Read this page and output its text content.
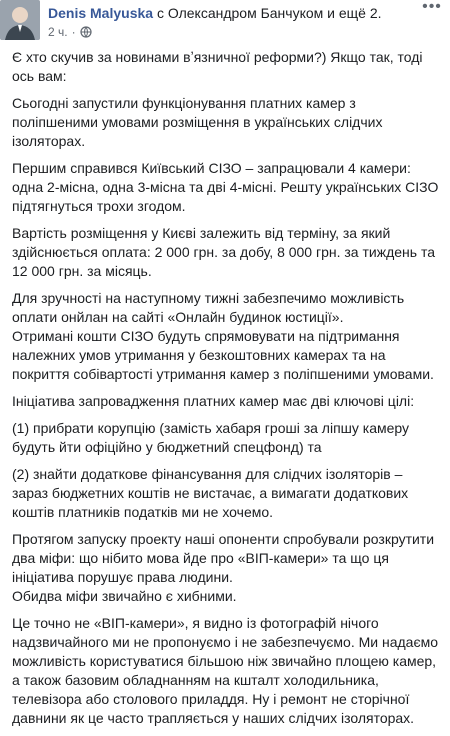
Denis Malyuska с Олександром Банчуком и ещё 2.
2 ч. ·
•••

Є хто скучив за новинами вʼязничної реформи?) Якщо так, тоді ось вам:

Сьогодні запустили функціонування платних камер з поліпшеними умовами розміщення в українських слідчих ізоляторах.

Першим справився Київський СІЗО – запрацювали 4 камери: одна 2-місна, одна 3-місна та дві 4-місні. Решту українських СІЗО підтягнуться трохи згодом.

Вартість розміщення у Києві залежить від терміну, за який здійснюється оплата: 2 000 грн. за добу, 8 000 грн. за тиждень та 12 000 грн. за місяць.

Для зручності на наступному тижні забезпечимо можливість оплати онйлан на сайті «Онлайн будинок юстиції».

Отримані кошти СІЗО будуть спрямовувати на підтримання належних умов утримання у безкоштовних камерах та на покриття собівартості утримання камер з поліпшеними умовами.

Ініціатива запровадження платних камер має дві ключові цілі:

(1) прибрати корупцію (замість хабаря гроші за ліпшу камеру будуть йти офіційно у бюджетний спецфонд) та

(2) знайти додаткове фінансування для слідчих ізоляторів – зараз бюджетних коштів не вистачає, а вимагати додаткових коштів платників податків ми не хочемо.

Протягом запуску проекту наші опоненти спробували розкрутити два міфи: що нібито мова йде про «ВІП-камери» та що ця ініціатива порушує права людини.

Обидва міфи звичайно є хибними.

Це точно не «ВІП-камери», я видно із фотографій нічого надзвичайного ми не пропонуємо і не забезпечуємо. Ми надаємо можливість користуватися більшою ніж звичайно площею камер, а також базовим обладнанням на кшталт холодильника, телевізора або столового приладдя. Ну і ремонт не сторічної давнини як це часто трапляється у наших слідчих ізоляторах.
